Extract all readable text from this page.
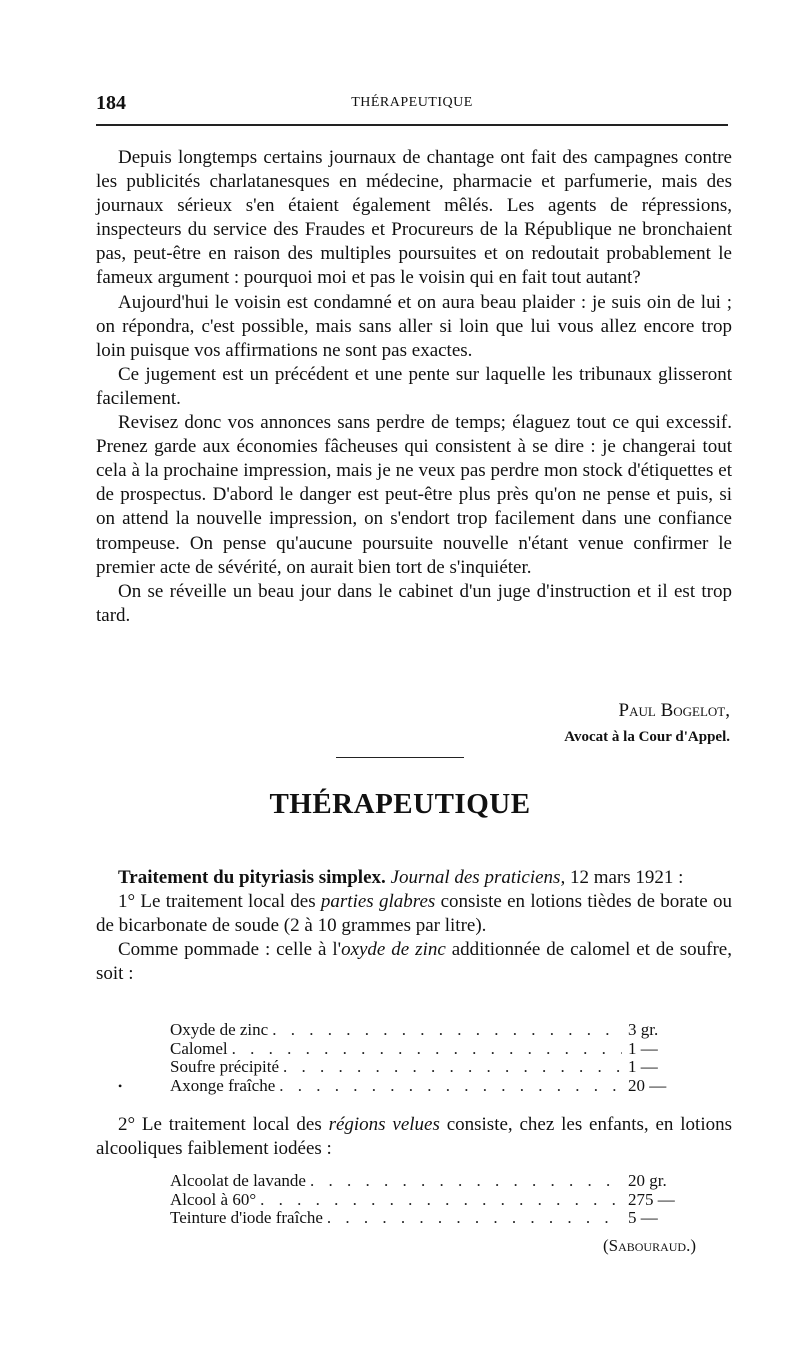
184	THÉRAPEUTIQUE

Depuis longtemps certains journaux de chantage ont fait des campagnes contre les publicités charlatanesques en médecine, pharmacie et parfumerie, mais des journaux sérieux s'en étaient également mêlés. Les agents de répressions, inspecteurs du service des Fraudes et Procureurs de la République ne bronchaient pas, peut-être en raison des multiples poursuites et on redoutait probablement le fameux argument : pourquoi moi et pas le voisin qui en fait tout autant?

Aujourd'hui le voisin est condamné et on aura beau plaider : je suis oin de lui ; on répondra, c'est possible, mais sans aller si loin que lui vous allez encore trop loin puisque vos affirmations ne sont pas exactes.

Ce jugement est un précédent et une pente sur laquelle les tribunaux glisseront facilement.

Revisez donc vos annonces sans perdre de temps; élaguez tout ce qui excessif. Prenez garde aux économies fâcheuses qui consistent à se dire : je changerai tout cela à la prochaine impression, mais je ne veux pas perdre mon stock d'étiquettes et de prospectus. D'abord le danger est peut-être plus près qu'on ne pense et puis, si on attend la nouvelle impression, on s'endort trop facilement dans une confiance trompeuse. On pense qu'aucune poursuite nouvelle n'étant venue confirmer le premier acte de sévérité, on aurait bien tort de s'inquiéter.

On se réveille un beau jour dans le cabinet d'un juge d'instruction et il est trop tard.

Paul Bogelot,
Avocat à la Cour d'Appel.
THÉRAPEUTIQUE

Traitement du pityriasis simplex. Journal des praticiens, 12 mars 1921 :

1° Le traitement local des parties glabres consiste en lotions tièdes de borate ou de bicarbonate de soude (2 à 10 grammes par litre).

Comme pommade : celle à l'oxyde de zinc additionnée de calomel et de soufre, soit :

Oxyde de zinc . . .	3 gr.
Calomel . . .	1 —
Soufre précipité . . .	1 —
•	Axonge fraîche . . .	20 —

2° Le traitement local des régions velues consiste, chez les enfants, en lotions alcooliques faiblement iodées :

Alcoolat de lavande . . .	20 gr.
Alcool à 60° . . .	275 —
Teinture d'iode fraîche . . .	5 —
(Sabouraud.)
